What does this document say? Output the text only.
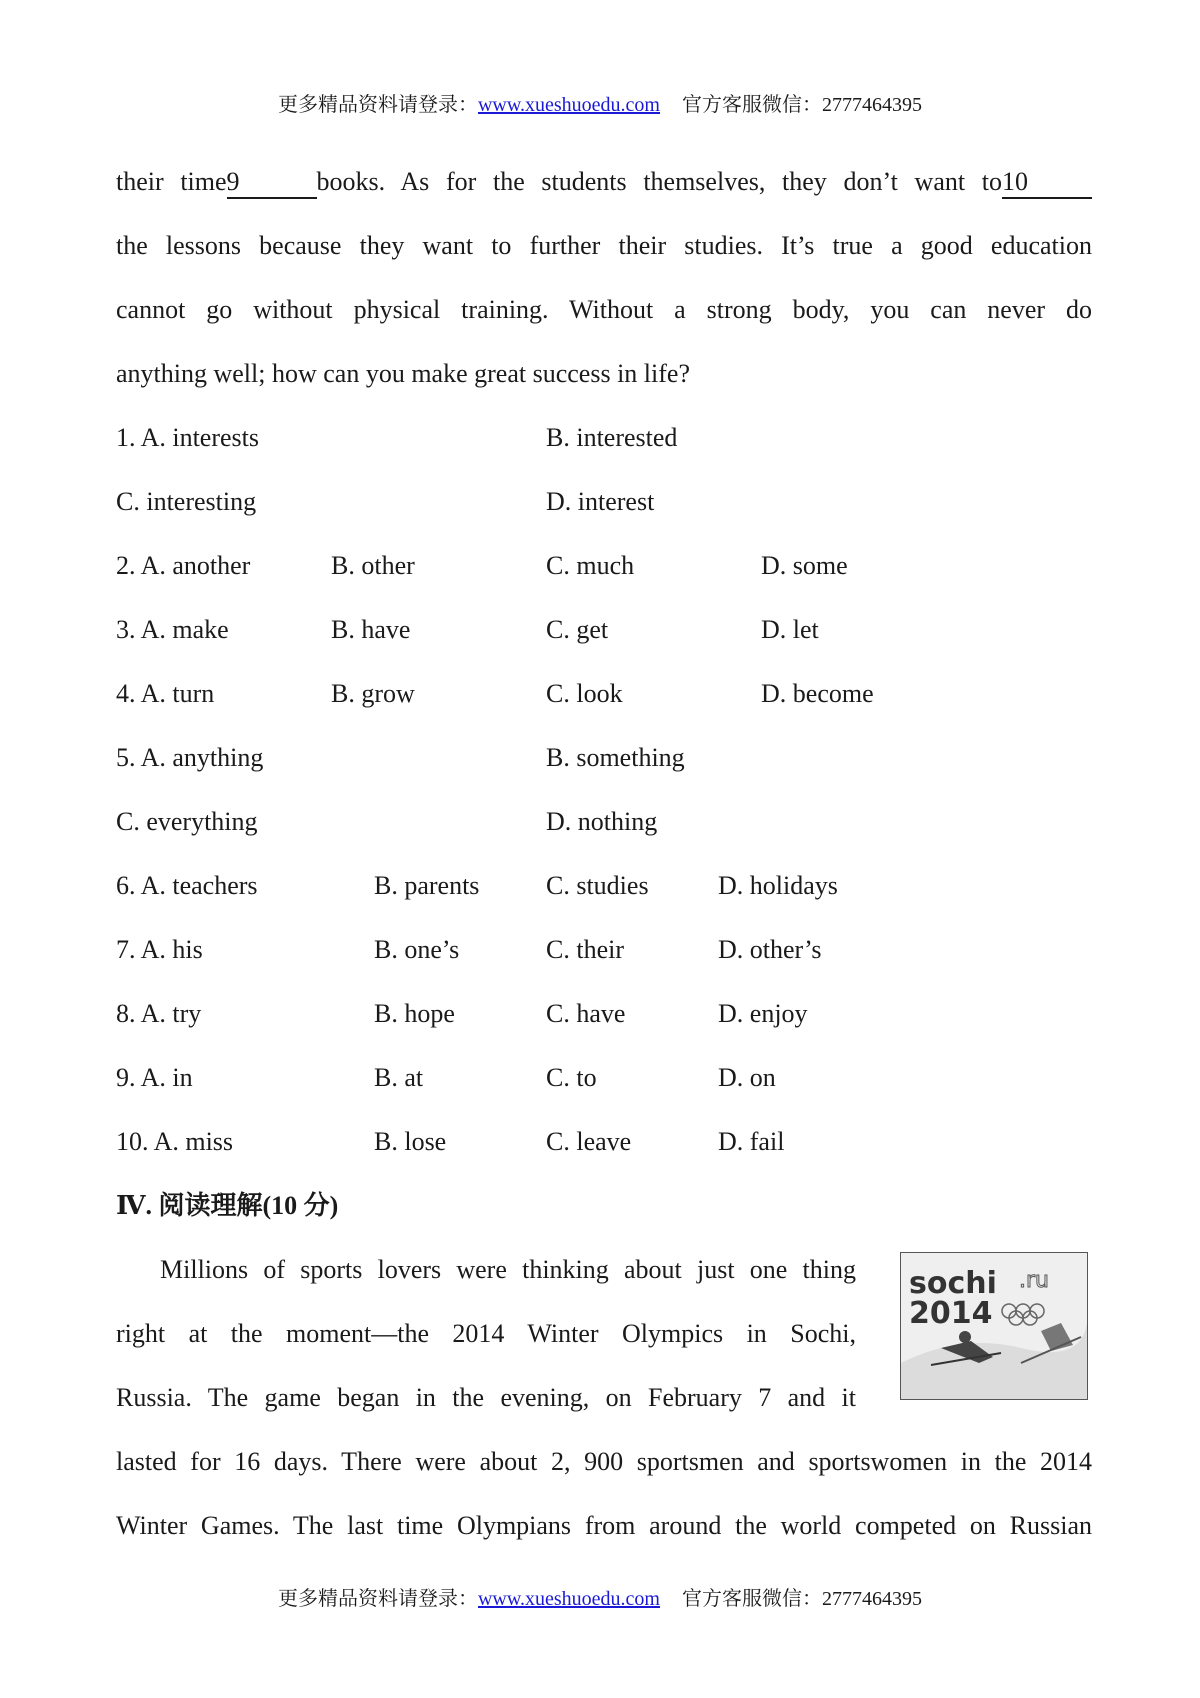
更多精品资料请登录：www.xueshuoedu.com 官方客服微信：2777464395
their time9	books. As for the students themselves, they don’t want to10
the lessons because they want to further their studies. It’s true a good education
cannot go without physical training. Without a strong body, you can never do
anything well; how can you make great success in life?
1. A. interests	B. interested
C. interesting	D. interest
2. A. another	B. other	C. much	D. some
3. A. make	B. have	C. get	D. let
4. A. turn	B. grow	C. look	D. become
5. A. anything	B. something
C. everything	D. nothing
6. A. teachers	B. parents	C. studies	D. holidays
7. A. his	B. one’s	C. their	D. other’s
8. A. try	B. hope	C. have	D. enjoy
9. A. in	B. at	C. to	D. on
10. A. miss	B. lose	C. leave	D. fail
Ⅳ. 阅读理解(10 分)
Millions of sports lovers were thinking about just one thing
right at the moment—the 2014 Winter Olympics in Sochi,
Russia. The game began in the evening, on February 7 and it
lasted for 16 days. There were about 2, 900 sportsmen and sportswomen in the 2014
Winter Games. The last time Olympians from around the world competed on Russian
sochi .ru
2014
更多精品资料请登录：www.xueshuoedu.com 官方客服微信：2777464395
